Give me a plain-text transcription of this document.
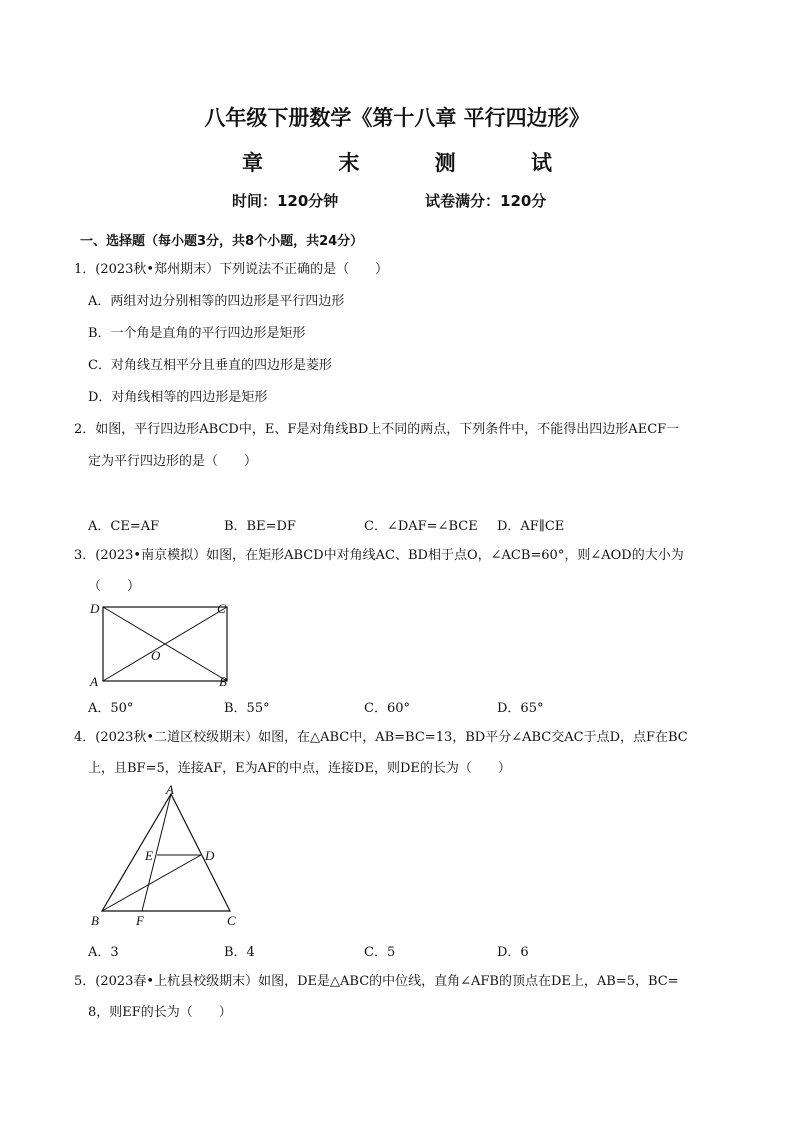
八年级下册数学《第十八章 平行四边形》
章 末 测 试
时间：120分钟	试卷满分：120分
一、选择题（每小题3分，共8个小题，共24分）
1．(2023秋•郑州期末）下列说法不正确的是（　　）
A．两组对边分别相等的四边形是平行四边形
B．一个角是直角的平行四边形是矩形
C．对角线互相平分且垂直的四边形是菱形
D．对角线相等的四边形是矩形
2．如图，平行四边形ABCD中，E、F是对角线BD上不同的两点，下列条件中，不能得出四边形AECF一
定为平行四边形的是（　　）
A．CE=AF	B．BE=DF	C．∠DAF=∠BCE D．AF∥CE
3．(2023•南京模拟）如图，在矩形ABCD中对角线AC、BD相于点O，∠ACB=60°，则∠AOD的大小为
（　　）
D	C
A	B
O
A．50°	B．55°	C．60°	D．65°
4．(2023秋•二道区校级期末）如图，在△ABC中，AB=BC=13，BD平分∠ABC交AC于点D，点F在BC
上，且BF=5，连接AF，E为AF的中点，连接DE，则DE的长为（　　）
A
E	D
B	F	C
A．3	B．4	C．5	D．6
5．(2023春•上杭县校级期末）如图，DE是△ABC的中位线，直角∠AFB的顶点在DE上，AB=5，BC=
8，则EF的长为（　　）
